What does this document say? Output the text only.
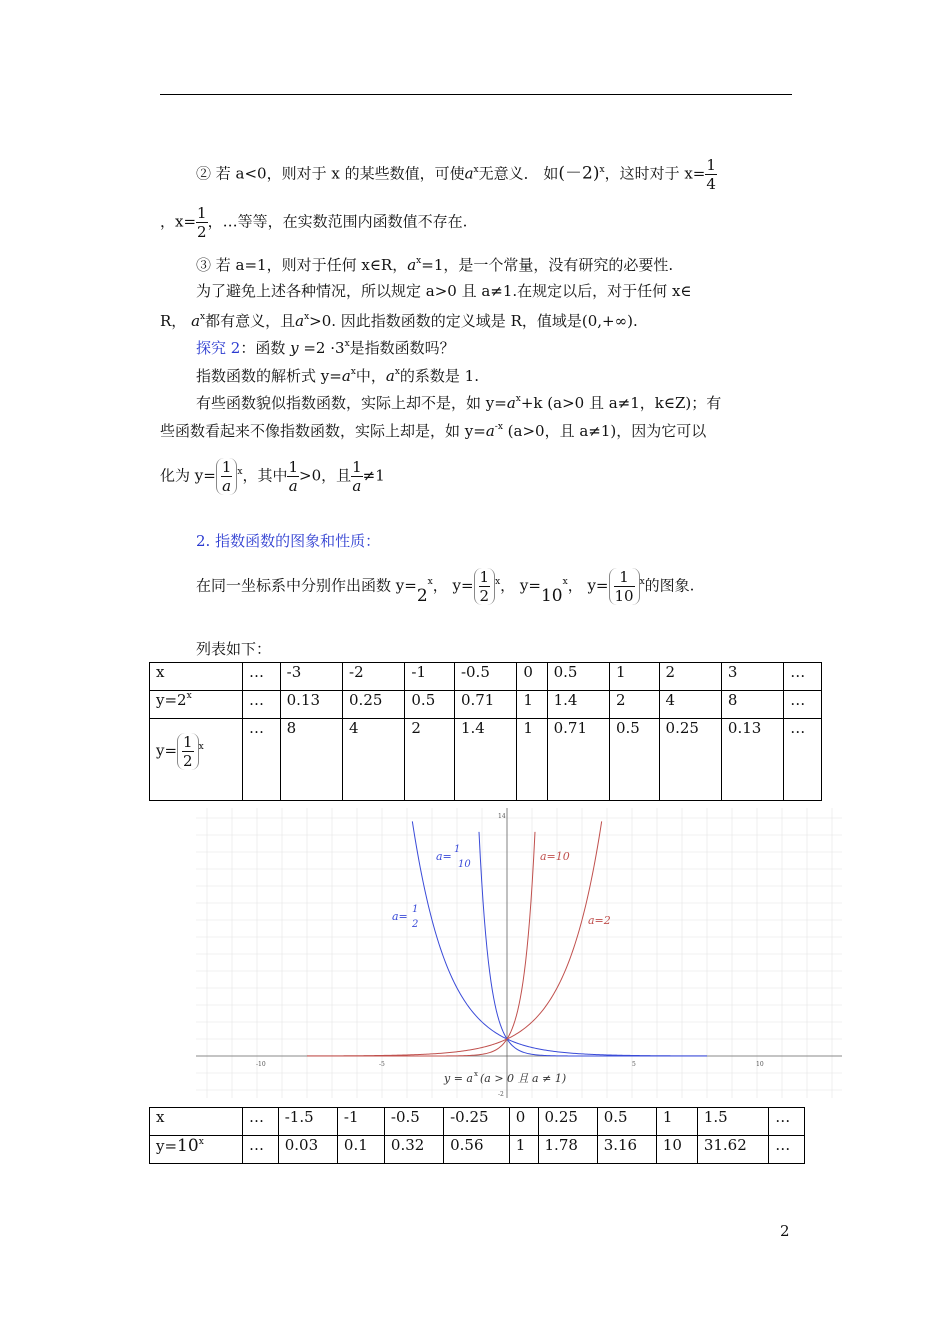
② 若 a<0，则对于 x 的某些数值，可使$a^x$无意义． 如$(-2)^x$，这时对于 $x= \frac{1}{4}$
，$x= \frac{1}{2}$ ，…等等，在实数范围内函数值不存在.
③ 若 a=1，则对于任何 x∈R，$a^x=1$，是一个常量，没有研究的必要性.
为了避免上述各种情况，所以规定 a>0 且 a≠1.在规定以后，对于任何 x∈
R， $a^x$都有意义，且$a^x>0$. 因此指数函数的定义域是 R，值域是(0,+∞).
探究 2：函数 $y =2 \cdot 3^x$是指数函数吗？
指数函数的解析式 $y=a^x$中，$a^x$的系数是 1.
有些函数貌似指数函数，实际上却不是，如 $y=a^x+k$ (a>0 且 a≠1，k∈Z)；有
些函数看起来不像指数函数，实际上却是，如 $y=a^{-x}$ (a>0，且 a≠1)，因为它可以
化为 $y= \frac{1}{a} ^x$，其中 $\frac{1}{a} >0$，且 $\frac{1}{a} \ne 1$
2. 指数函数的图象和性质：
在同一坐标系中分别作出函数 $y=2^x$， $y= \frac{1}{2} ^x$， $y=10^x$， $y= \frac{1}{10} ^x$的图象.
列表如下：
x	…	-3	-2	-1	-0.5	0	0.5	1	2	3	…
$y=2^x$	…	0.13	0.25	0.5	0.71	1	1.4	2	4	8	…
$y= \frac{1}{2} ^x$	…	8	4	2	1.4	1	0.71	0.5	0.25	0.13	…
-10	-5	5	10
14
-2
a=
1
10
a=
1
2
a=10
a=2
y = a x (a > 0 且 a ≠ 1)
x	…	-1.5	-1	-0.5	-0.25	0	0.25	0.5	1	1.5	…
$y=10^x$	…	0.03	0.1	0.32	0.56	1	1.78	3.16	10	31.62	…
2
